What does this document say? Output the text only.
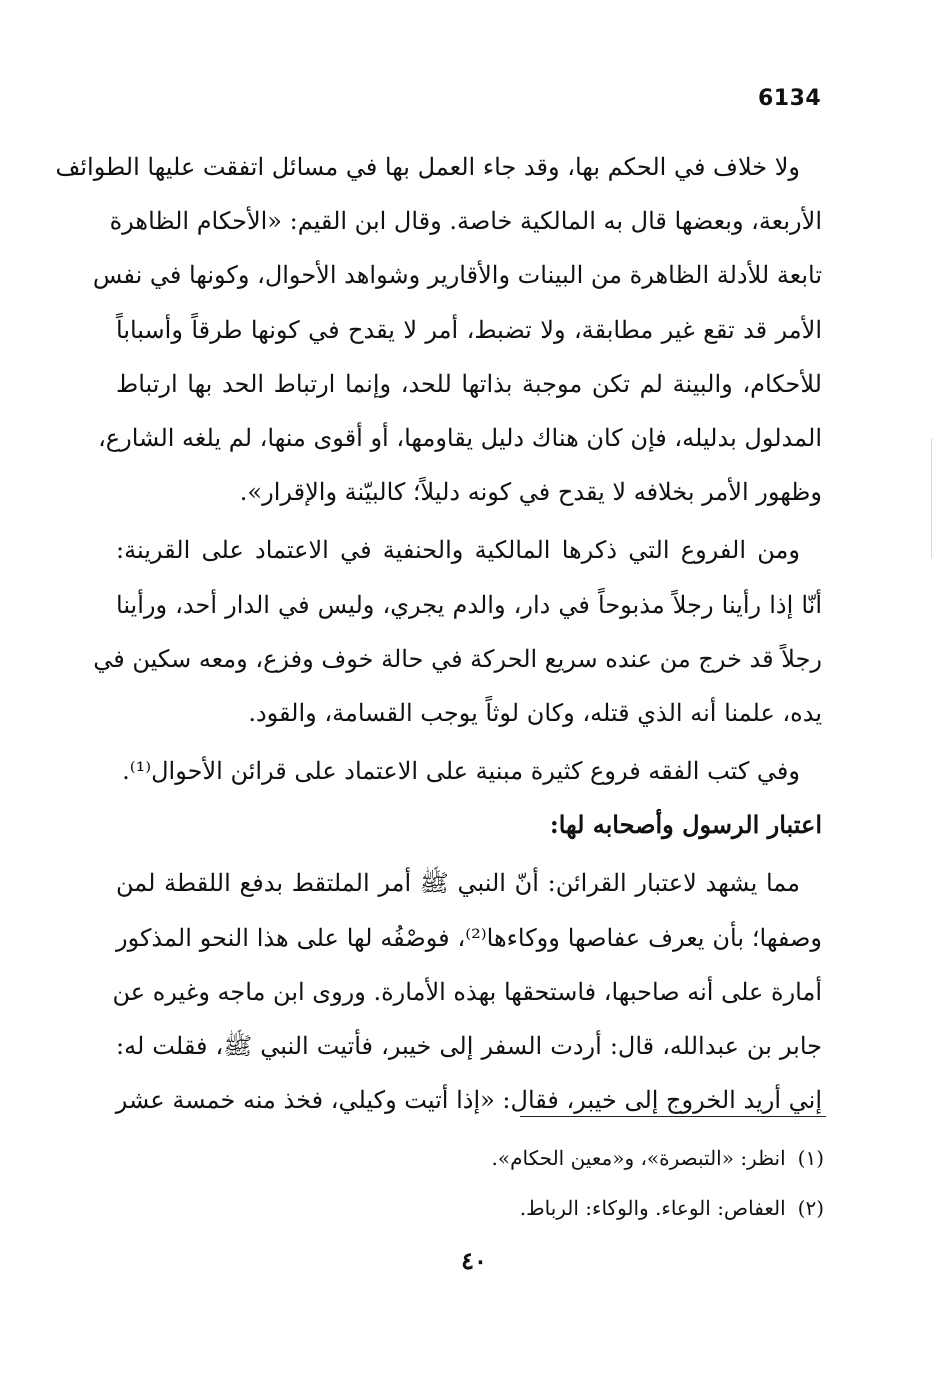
6134
ولا خلاف في الحكم بها، وقد جاء العمل بها في مسائل اتفقت عليها الطوائف
الأربعة، وبعضها قال به المالكية خاصة. وقال ابن القيم: «الأحكام الظاهرة
تابعة للأدلة الظاهرة من البينات والأقارير وشواهد الأحوال، وكونها في نفس
الأمر قد تقع غير مطابقة، ولا تضبط، أمر لا يقدح في كونها طرقاً وأسباباً
للأحكام، والبينة لم تكن موجبة بذاتها للحد، وإنما ارتباط الحد بها ارتباط
المدلول بدليله، فإن كان هناك دليل يقاومها، أو أقوى منها، لم يلغه الشارع،
وظهور الأمر بخلافه لا يقدح في كونه دليلاً؛ كالبيّنة والإقرار».
ومن الفروع التي ذكرها المالكية والحنفية في الاعتماد على القرينة:
أنّا إذا رأينا رجلاً مذبوحاً في دار، والدم يجري، وليس في الدار أحد، ورأينا
رجلاً قد خرج من عنده سريع الحركة في حالة خوف وفزع، ومعه سكين في
يده، علمنا أنه الذي قتله، وكان لوثاً يوجب القسامة، والقود.
وفي كتب الفقه فروع كثيرة مبنية على الاعتماد على قرائن الأحوال⁽¹⁾.
اعتبار الرسول وأصحابه لها:
مما يشهد لاعتبار القرائن: أنّ النبي ﷺ أمر الملتقط بدفع اللقطة لمن
وصفها؛ بأن يعرف عفاصها ووكاءها⁽²⁾، فوصْفُه لها على هذا النحو المذكور
أمارة على أنه صاحبها، فاستحقها بهذه الأمارة. وروى ابن ماجه وغيره عن
جابر بن عبدالله، قال: أردت السفر إلى خيبر، فأتيت النبي ﷺ، فقلت له:
إني أريد الخروج إلى خيبر، فقال: «إذا أتيت وكيلي، فخذ منه خمسة عشر
(١)انظر: «التبصرة»، و«معين الحكام».
(٢)العفاص: الوعاء. والوكاء: الرباط.
٤٠
